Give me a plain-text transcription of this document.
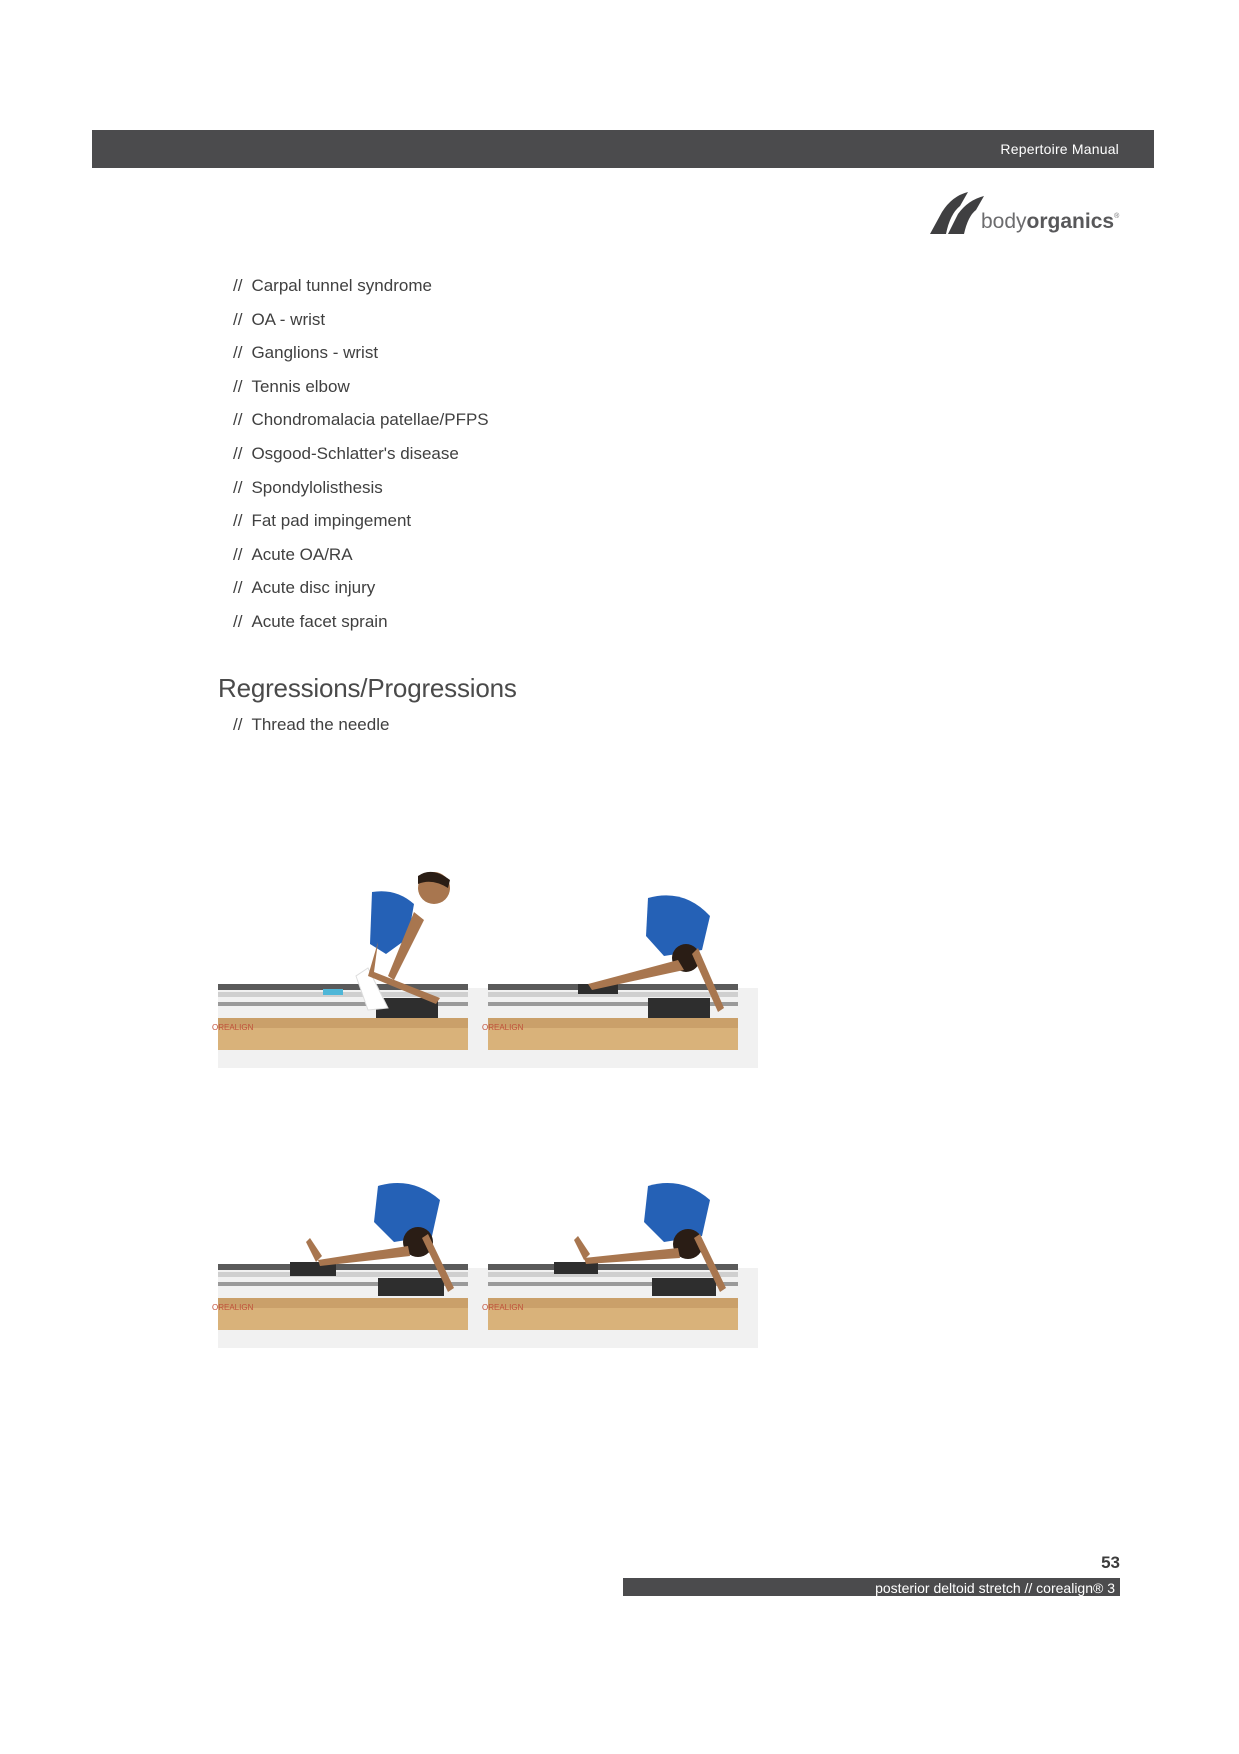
Repertoire Manual
bodyorganics®
// Carpal tunnel syndrome
// OA - wrist
// Ganglions - wrist
// Tennis elbow
// Chondromalacia patellae/PFPS
// Osgood-Schlatter's disease
// Spondylolisthesis
// Fat pad impingement
// Acute OA/RA
// Acute disc injury
// Acute facet sprain
Regressions/Progressions
// Thread the needle
OREALIGN	OREALIGN
OREALIGN	OREALIGN
53
posterior deltoid stretch // corealign® 3
